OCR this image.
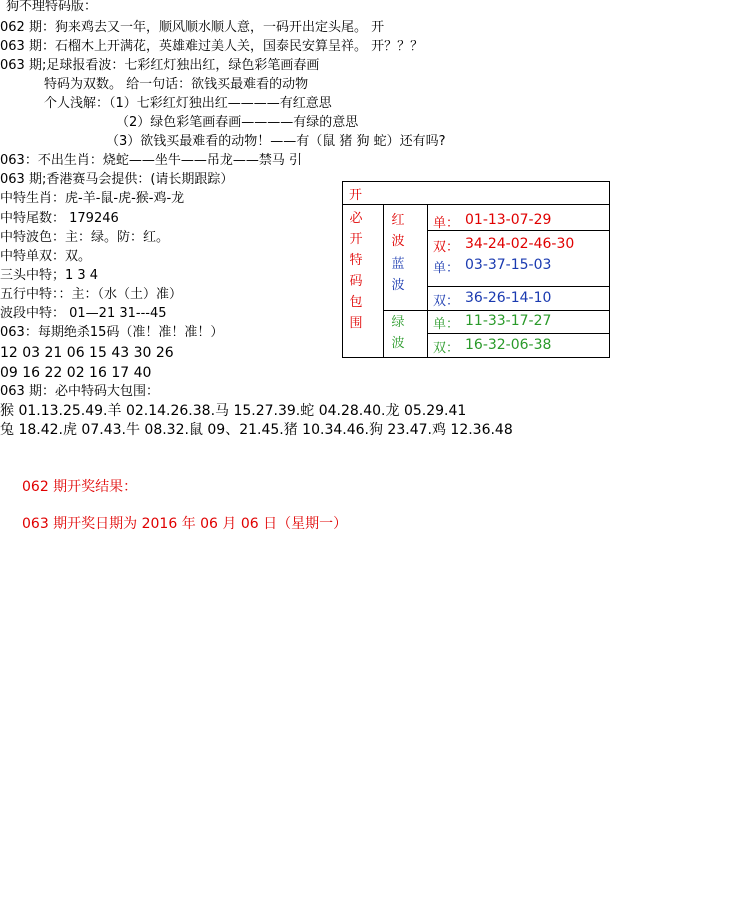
狗不理特码版：
062 期：狗来鸡去又一年，顺风顺水顺人意，一码开出定头尾。 开
063 期：石榴木上开满花，英雄难过美人关，国泰民安算呈祥。 开？？？
063 期;足球报看波：七彩红灯独出红，绿色彩笔画春画
特码为双数。 给一句话：欲钱买最难看的动物
个人浅解：（1）七彩红灯独出红————有红意思
（2）绿色彩笔画春画————有绿的意思
（3）欲钱买最难看的动物！——有（鼠 猪 狗 蛇）还有吗?
063：不出生肖：烧蛇——坐牛——吊龙——禁马 引
063 期;香港赛马会提供：(请长期跟踪）
中特生肖：虎-羊-鼠-虎-猴-鸡-龙
中特尾数： 179246
中特波色：主：绿。防：红。
中特单双：双。
三头中特；1 3 4
五行中特：：主：（水（土）准）
波段中特： 01—21 31---45
063：每期绝杀15码（准！准！准！）
12 03 21 06 15 43 30 26
09 16 22 02 16 17 40
063 期：必中特码大包围：
猴 01.13.25.49.羊 02.14.26.38.马 15.27.39.蛇 04.28.40.龙 05.29.41
兔 18.42.虎 07.43.牛 08.32.鼠 09、21.45.猪 10.34.46.狗 23.47.鸡 12.36.48
062 期开奖结果：
063 期开奖日期为 2016 年 06 月 06 日（星期一）
开
必开特码包围
红波
蓝波
绿波
单： 01-13-07-29
双： 34-24-02-46-30
单： 03-37-15-03
双： 36-26-14-10
单： 11-33-17-27
双： 16-32-06-38
